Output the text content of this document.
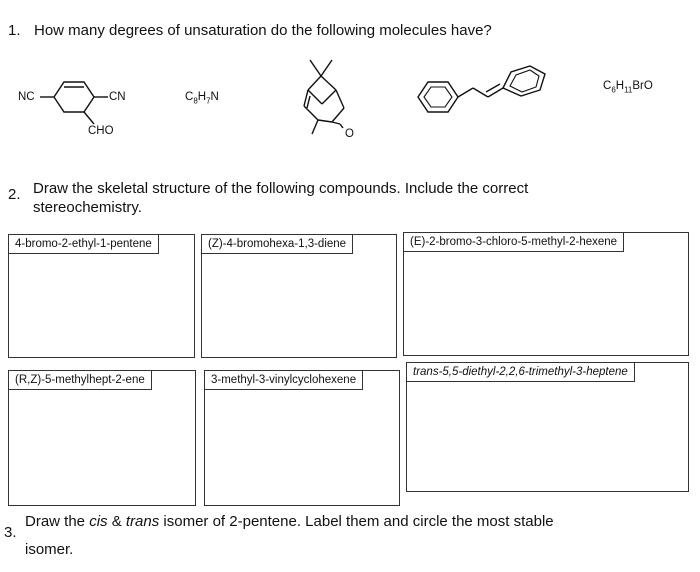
1. How many degrees of unsaturation do the following molecules have?
NC	CN
CHO
$C_8H_7N$
O
$C_6H_{11}BrO$
2. Draw the skeletal structure of the following compounds. Include the correct
stereochemistry.
4-bromo-2-ethyl-1-pentene	(Z)-4-bromohexa-1,3-diene	(E)-2-bromo-3-chloro-5-methyl-2-hexene
(R,Z)-5-methylhept-2-ene	3-methyl-3-vinylcyclohexene
trans-5,5-diethyl-2,2,6-trimethyl-3-heptene
3.
Draw the cis & trans isomer of 2-pentene. Label them and circle the most stable
isomer.
